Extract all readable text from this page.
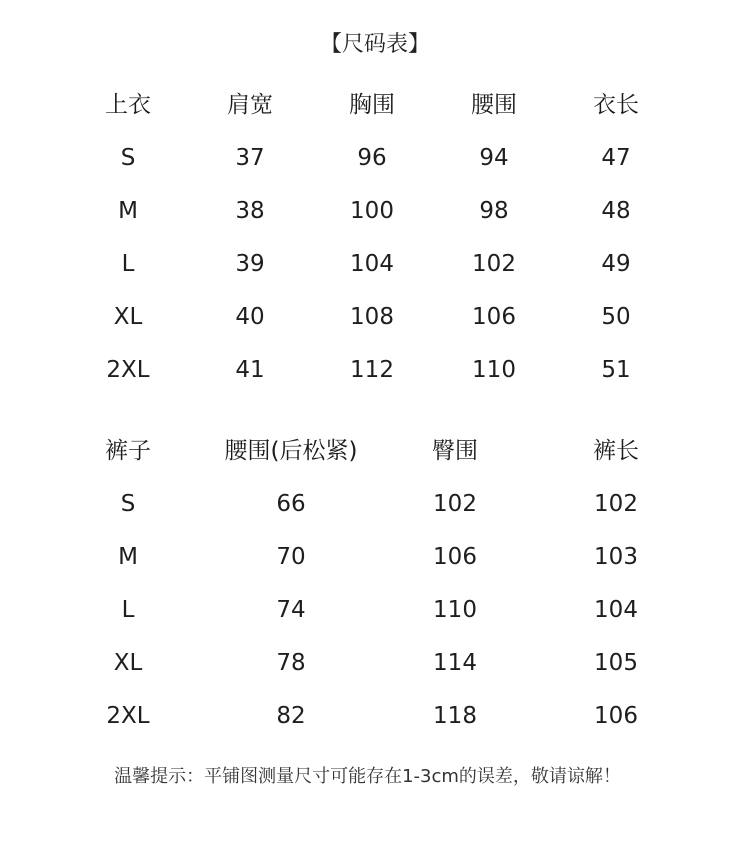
【尺码表】
上衣	肩宽	胸围	腰围	衣长
S	37	96	94	47
M	38	100	98	48
L	39	104	102	49
XL	40	108	106	50
2XL	41	112	110	51
裤子	腰围(后松紧)	臀围	裤长
S	66	102	102
M	70	106	103
L	74	110	104
XL	78	114	105
2XL	82	118	106
温馨提示：平铺图测量尺寸可能存在1-3cm的误差，敬请谅解！
